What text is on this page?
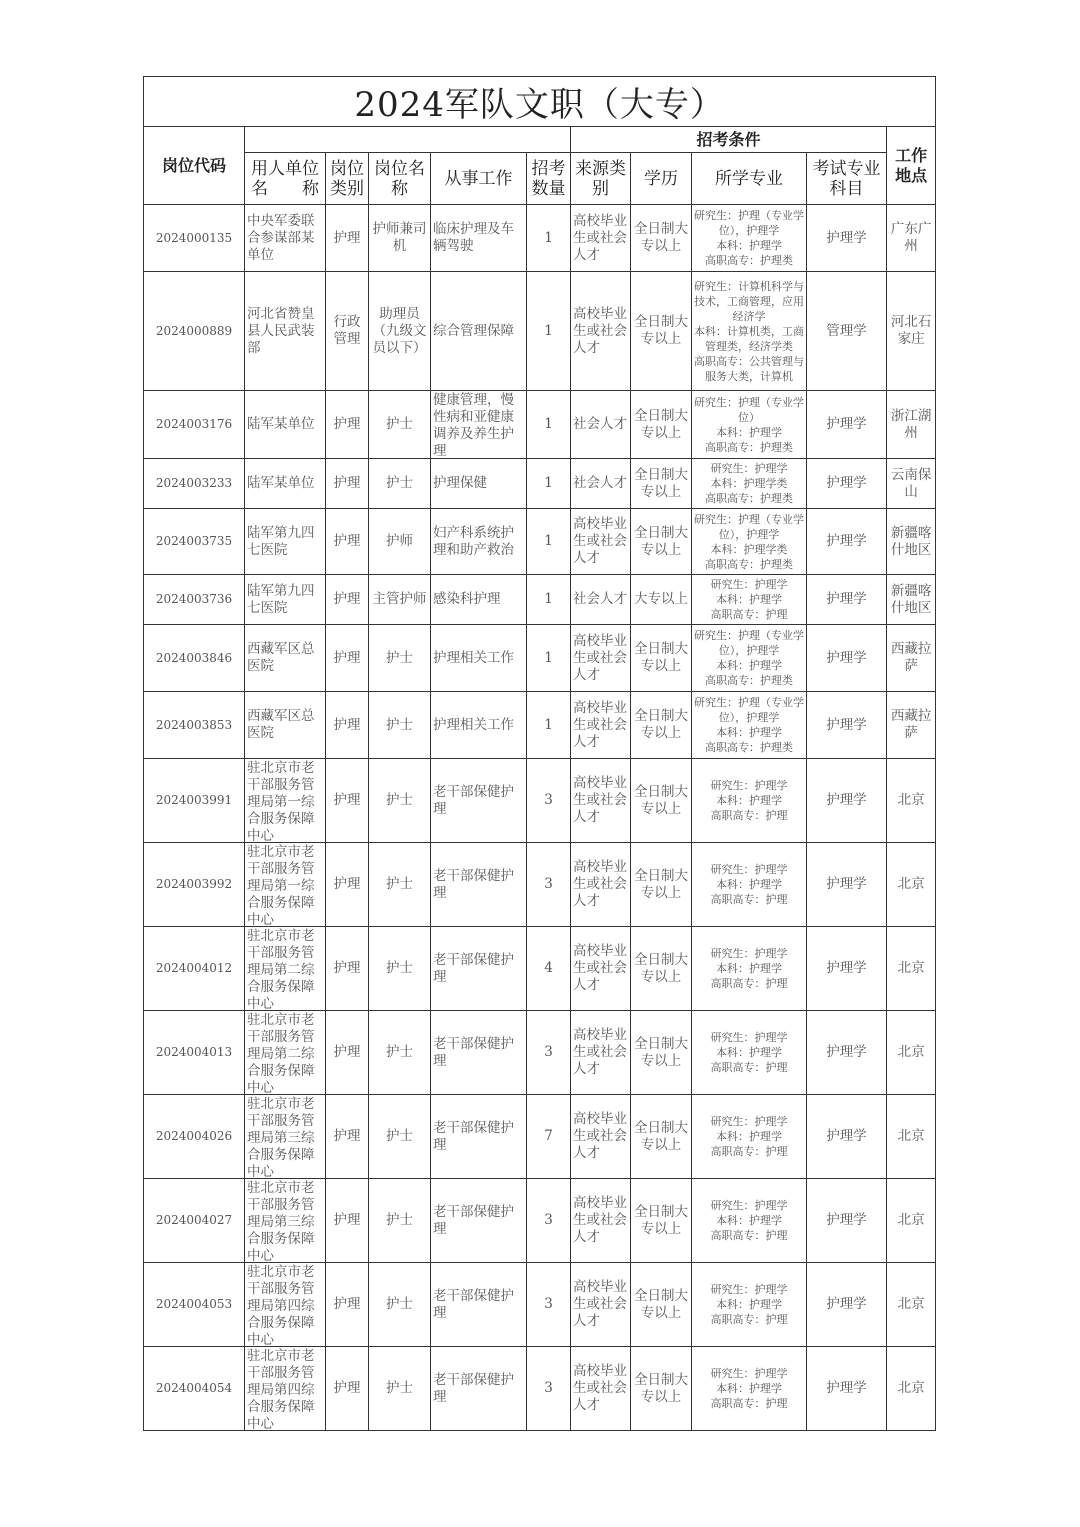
2024军队文职（大专）										
岗位代码						招考条件				工作地点
	用人单位名　　称	岗位类别	岗位名称	从事工作	招考数量	来源类别	学历	所学专业	考试专业科目	

2024000135	中央军委联合参谋部某单位	护理	护师兼司机	临床护理及车辆驾驶	1	高校毕业生或社会人才	全日制大专以上	研究生：护理（专业学位），护理学
本科：护理学
高职高专：护理类	护理学	广东广州

2024000889	河北省赞皇县人民武装部	行政管理	助理员（九级文员以下）	综合管理保障	1	高校毕业生或社会人才	全日制大专以上	研究生：计算机科学与技术，工商管理，应用经济学
本科：计算机类，工商管理类，经济学类
高职高专：公共管理与服务大类，计算机	管理学	河北石家庄

2024003176	陆军某单位	护理	护士	健康管理，慢性病和亚健康调养及养生护理	1	社会人才	全日制大专以上	研究生：护理（专业学位）
本科：护理学
高职高专：护理类	护理学	浙江湖州

2024003233	陆军某单位	护理	护士	护理保健	1	社会人才	全日制大专以上	研究生：护理学
本科：护理学类
高职高专：护理类	护理学	云南保山

2024003735	陆军第九四七医院	护理	护师	妇产科系统护理和助产救治	1	高校毕业生或社会人才	全日制大专以上	研究生：护理（专业学位），护理学
本科：护理学类
高职高专：护理类	护理学	新疆喀什地区

2024003736	陆军第九四七医院	护理	主管护师	感染科护理	1	社会人才	大专以上	研究生：护理学
本科：护理学
高职高专：护理	护理学	新疆喀什地区

2024003846	西藏军区总医院	护理	护士	护理相关工作	1	高校毕业生或社会人才	全日制大专以上	研究生：护理（专业学位），护理学
本科：护理学
高职高专：护理类	护理学	西藏拉萨

2024003853	西藏军区总医院	护理	护士	护理相关工作	1	高校毕业生或社会人才	全日制大专以上	研究生：护理（专业学位），护理学
本科：护理学
高职高专：护理类	护理学	西藏拉萨

2024003991	驻北京市老干部服务管理局第一综合服务保障中心	护理	护士	老干部保健护理	3	高校毕业生或社会人才	全日制大专以上	研究生：护理学
本科：护理学
高职高专：护理	护理学	北京

2024003992	驻北京市老干部服务管理局第一综合服务保障中心	护理	护士	老干部保健护理	3	高校毕业生或社会人才	全日制大专以上	研究生：护理学
本科：护理学
高职高专：护理	护理学	北京

2024004012	驻北京市老干部服务管理局第二综合服务保障中心	护理	护士	老干部保健护理	4	高校毕业生或社会人才	全日制大专以上	研究生：护理学
本科：护理学
高职高专：护理	护理学	北京

2024004013	驻北京市老干部服务管理局第二综合服务保障中心	护理	护士	老干部保健护理	3	高校毕业生或社会人才	全日制大专以上	研究生：护理学
本科：护理学
高职高专：护理	护理学	北京

2024004026	驻北京市老干部服务管理局第三综合服务保障中心	护理	护士	老干部保健护理	7	高校毕业生或社会人才	全日制大专以上	研究生：护理学
本科：护理学
高职高专：护理	护理学	北京

2024004027	驻北京市老干部服务管理局第三综合服务保障中心	护理	护士	老干部保健护理	3	高校毕业生或社会人才	全日制大专以上	研究生：护理学
本科：护理学
高职高专：护理	护理学	北京

2024004053	驻北京市老干部服务管理局第四综合服务保障中心	护理	护士	老干部保健护理	3	高校毕业生或社会人才	全日制大专以上	研究生：护理学
本科：护理学
高职高专：护理	护理学	北京

2024004054	驻北京市老干部服务管理局第四综合服务保障中心	护理	护士	老干部保健护理	3	高校毕业生或社会人才	全日制大专以上	研究生：护理学
本科：护理学
高职高专：护理	护理学	北京
